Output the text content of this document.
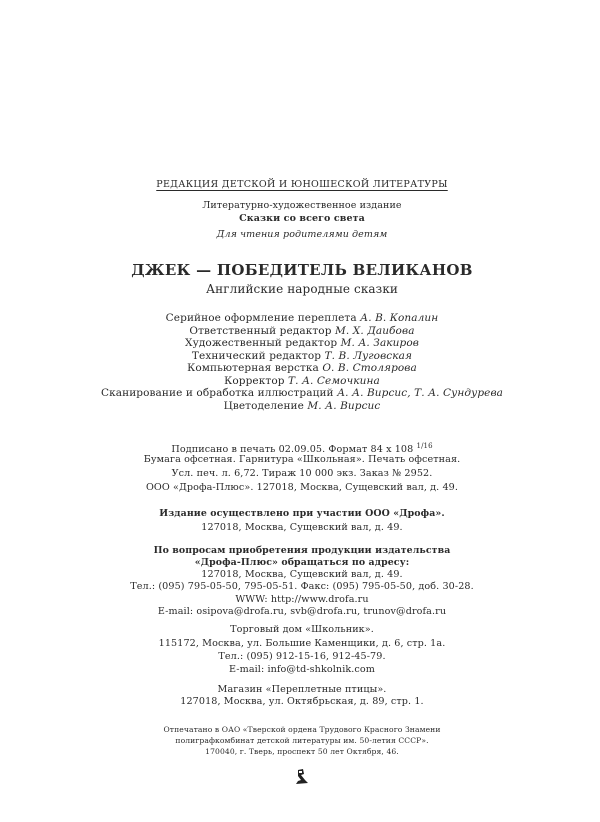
РЕДАКЦИЯ ДЕТСКОЙ И ЮНОШЕСКОЙ ЛИТЕРАТУРЫ
Литературно-художественное издание
Сказки со всего света
Для чтения родителями детям
ДЖЕК — ПОБЕДИТЕЛЬ ВЕЛИКАНОВ
Английские народные сказки
Серийное оформление переплета А. В. Копалин
Ответственный редактор М. Х. Даибова
Художественный редактор М. А. Закиров
Технический редактор Т. В. Луговская
Компьютерная верстка О. В. Столярова
Корректор Т. А. Семочкина
Сканирование и обработка иллюстраций А. А. Вирсис, Т. А. Сундурева
Цветоделение М. А. Вирсис
Подписано в печать 02.09.05. Формат 84 x 108 $^{1/16}$
Бумага офсетная. Гарнитура «Школьная». Печать офсетная.
Усл. печ. л. 6,72. Тираж 10 000 экз. Заказ № 2952.
ООО «Дрофа-Плюс». 127018, Москва, Сущевский вал, д. 49.
Издание осуществлено при участии ООО «Дрофа».
127018, Москва, Сущевский вал, д. 49.
По вопросам приобретения продукции издательства
«Дрофа-Плюс» обращаться по адресу:
127018, Москва, Сущевский вал, д. 49.
Тел.: (095) 795-05-50, 795-05-51. Факс: (095) 795-05-50, доб. 30-28.
WWW: http://www.drofa.ru
E-mail: osipova@drofa.ru, svb@drofa.ru, trunov@drofa.ru
Торговый дом «Школьник».
115172, Москва, ул. Большие Каменщики, д. 6, стр. 1а.
Тел.: (095) 912-15-16, 912-45-79.
E-mail: info@td-shkolnik.com
Магазин «Переплетные птицы».
127018, Москва, ул. Октябрьская, д. 89, стр. 1.
Отпечатано в ОАО «Тверской ордена Трудового Красного Знамени
полиграфкомбинат детской литературы им. 50-летия СССР».
170040, г. Тверь, проспект 50 лет Октября, 46.
